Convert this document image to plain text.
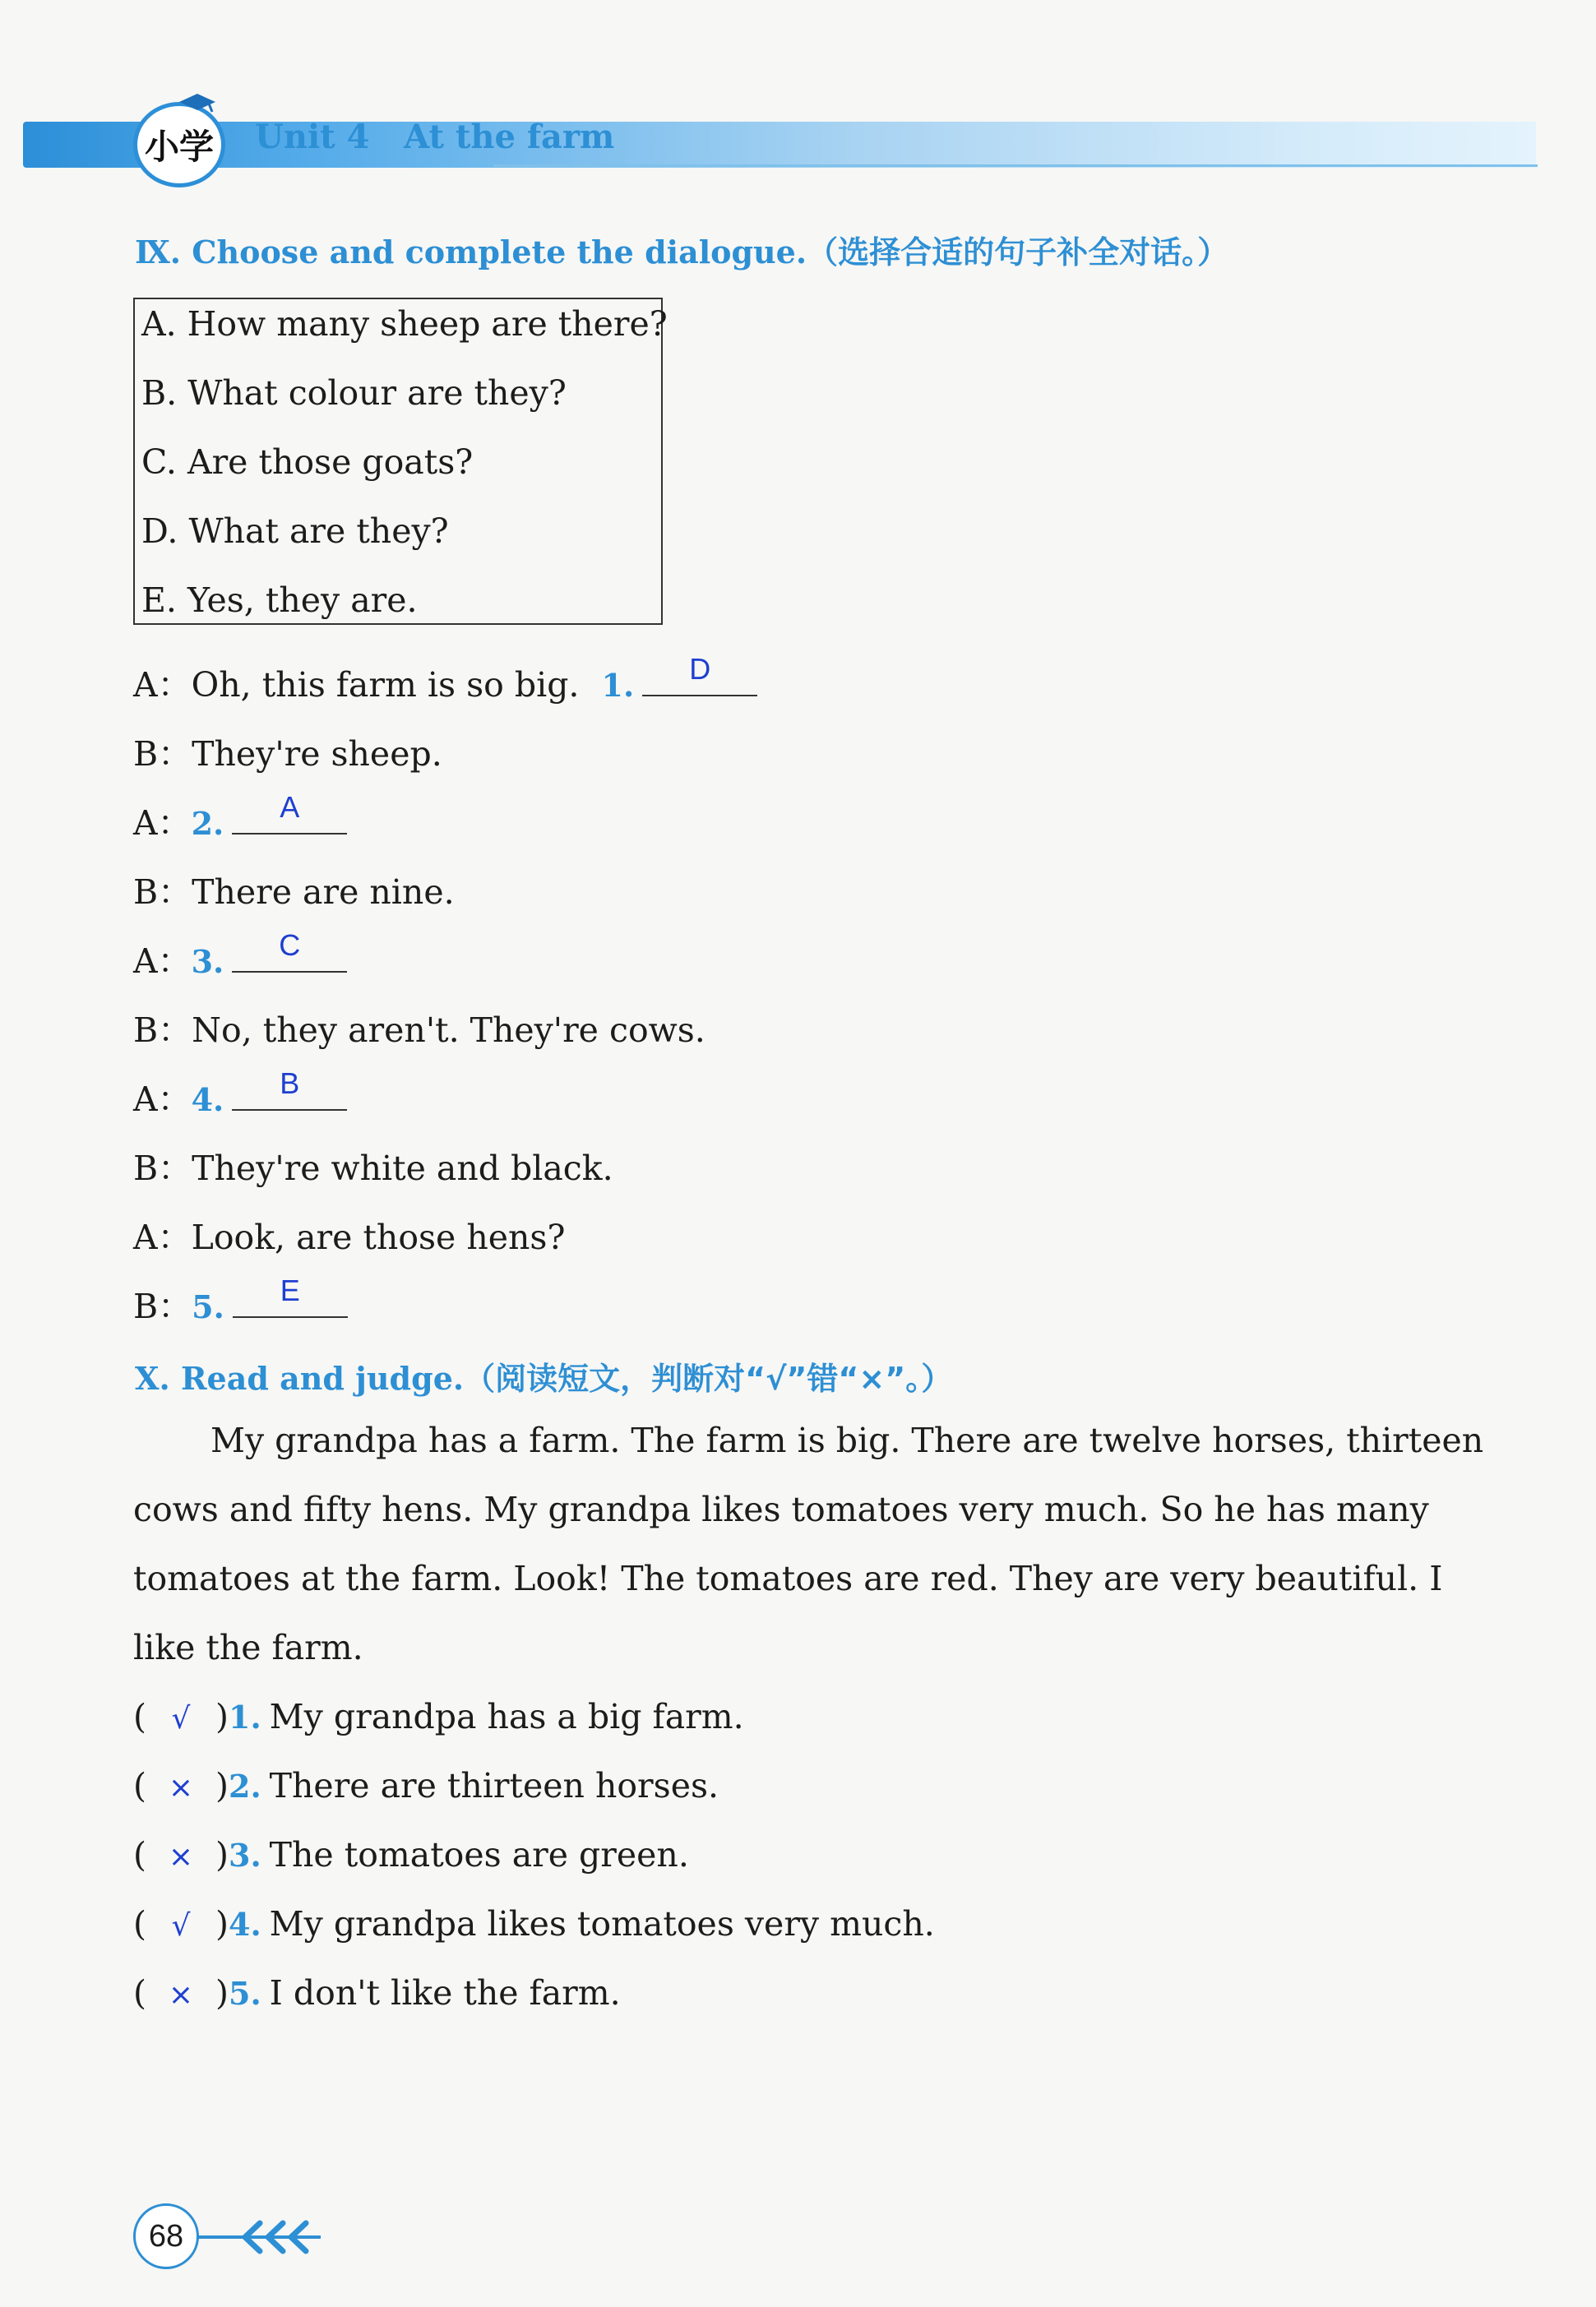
小学 Unit 4   At the farm
Ⅸ. Choose and complete the dialogue.（选择合适的句子补全对话。）
A. How many sheep are there?
B. What colour are they?
C. Are those goats?
D. What are they?
E. Yes, they are.
A：Oh, this farm is so big. 1.	D
B：They're sheep.
A：2.	A
B：There are nine.
A：3.	C
B：No, they aren't. They're cows.
A：4.	B
B：They're white and black.
A：Look, are those hens?
B：5.	E
Ⅹ. Read and judge.（阅读短文，判断对“√”错“×”。）
My grandpa has a farm. The farm is big. There are twelve horses, thirteen
cows and fifty hens. My grandpa likes tomatoes very much. So he has many
tomatoes at the farm. Look! The tomatoes are red. They are very beautiful. I
like the farm.
( √ )1. My grandpa has a big farm.
( × )2. There are thirteen horses.
( × )3. The tomatoes are green.
( √ )4. My grandpa likes tomatoes very much.
( × )5. I don't like the farm.
68
